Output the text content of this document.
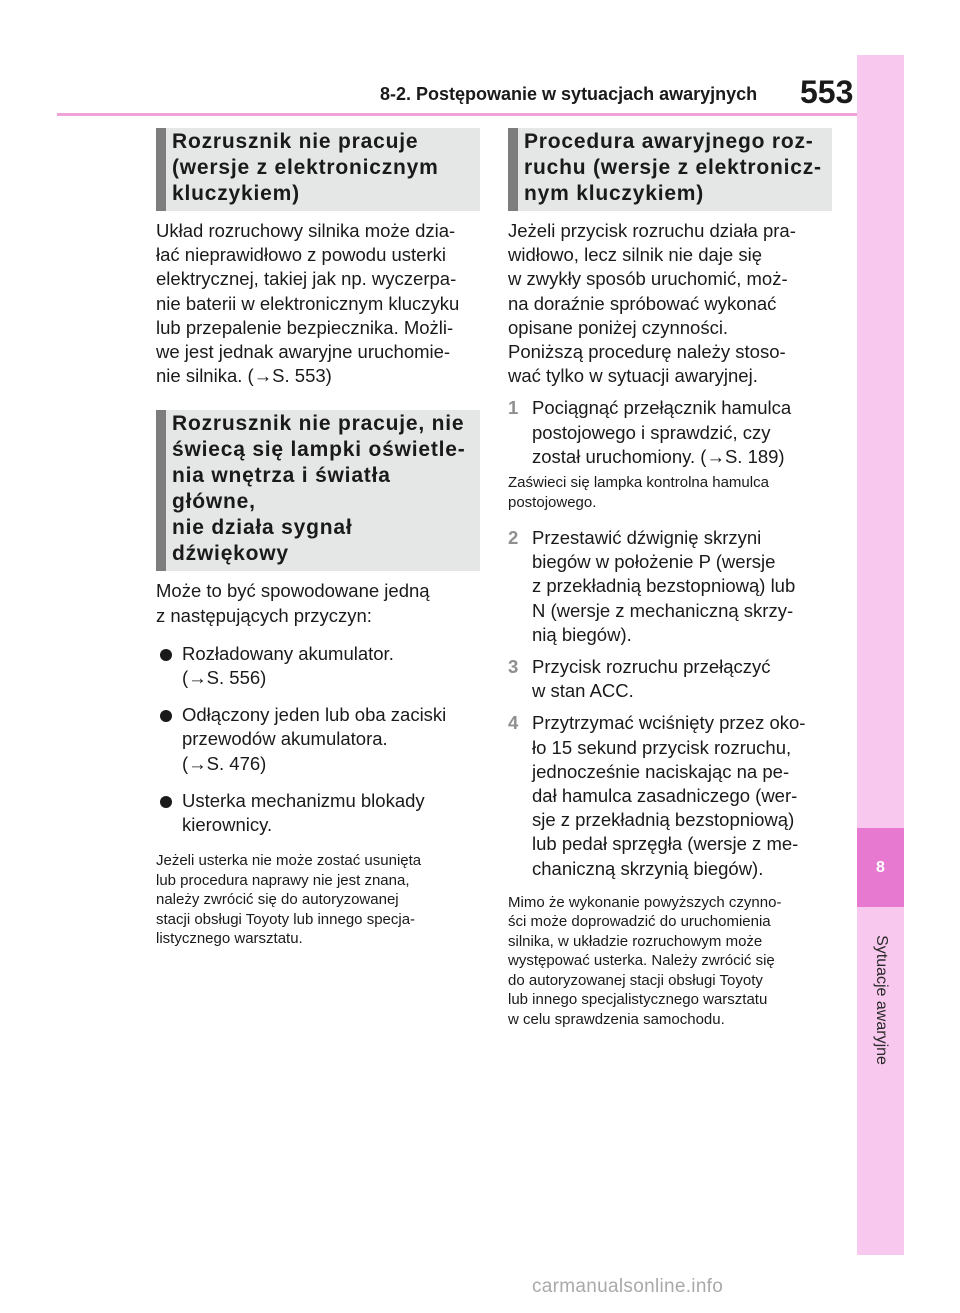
8-2. Postępowanie w sytuacjach awaryjnych 553
8
Sytuacje awaryjne
Rozrusznik nie pracuje
(wersje z elektronicznym
kluczykiem)

Układ rozruchowy silnika może dzia-
łać nieprawidłowo z powodu usterki
elektrycznej, takiej jak np. wyczerpa-
nie baterii w elektronicznym kluczyku
lub przepalenie bezpiecznika. Możli-
we jest jednak awaryjne uruchomie-
nie silnika. (→S. 553)

Rozrusznik nie pracuje, nie
świecą się lampki oświetle-
nia wnętrza i światła główne,
nie działa sygnał dźwiękowy

Może to być spowodowane jedną
z następujących przyczyn:

Rozładowany akumulator.
(→S. 556)
Odłączony jeden lub oba zaciski
przewodów akumulatora.
(→S. 476)
Usterka mechanizmu blokady
kierownicy.
Jeżeli usterka nie może zostać usunięta
lub procedura naprawy nie jest znana,
należy zwrócić się do autoryzowanej
stacji obsługi Toyoty lub innego specja-
listycznego warsztatu.
Procedura awaryjnego roz-
ruchu (wersje z elektronicz-
nym kluczykiem)

Jeżeli przycisk rozruchu działa pra-
widłowo, lecz silnik nie daje się
w zwykły sposób uruchomić, moż-
na doraźnie spróbować wykonać
opisane poniżej czynności.
Poniższą procedurę należy stoso-
wać tylko w sytuacji awaryjnej.

1 Pociągnąć przełącznik hamulca
postojowego i sprawdzić, czy
został uruchomiony. (→S. 189)
Zaświeci się lampka kontrolna hamulca
postojowego.
2 Przestawić dźwignię skrzyni
biegów w położenie P (wersje
z przekładnią bezstopniową) lub
N (wersje z mechaniczną skrzy-
nią biegów).
3 Przycisk rozruchu przełączyć
w stan ACC.
4 Przytrzymać wciśnięty przez oko-
ło 15 sekund przycisk rozruchu,
jednocześnie naciskając na pe-
dał hamulca zasadniczego (wer-
sje z przekładnią bezstopniową)
lub pedał sprzęgła (wersje z me-
chaniczną skrzynią biegów).
Mimo że wykonanie powyższych czynno-
ści może doprowadzić do uruchomienia
silnika, w układzie rozruchowym może
występować usterka. Należy zwrócić się
do autoryzowanej stacji obsługi Toyoty
lub innego specjalistycznego warsztatu
w celu sprawdzenia samochodu.
carmanualsonline.info
